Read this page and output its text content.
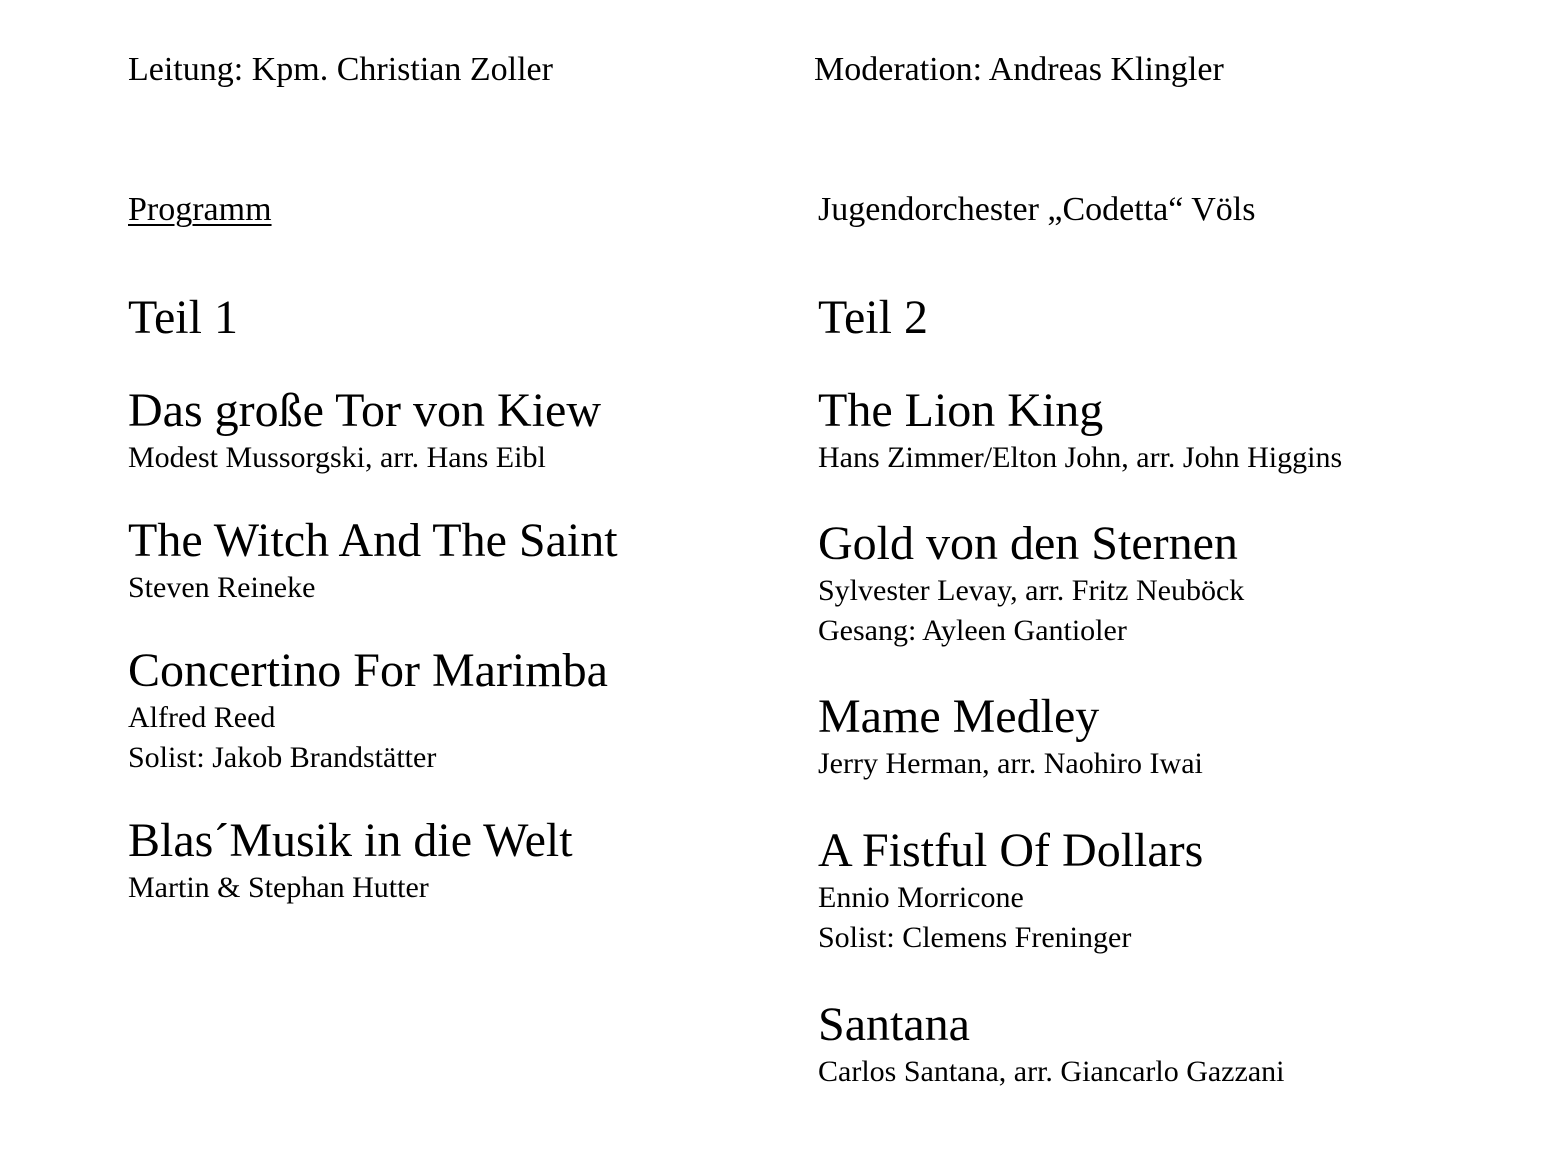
Leitung: Kpm. Christian Zoller	Moderation: Andreas Klingler
Programm	Jugendorchester „Codetta“ Völs
Teil 1	Teil 2
Das große Tor von Kiew
Modest Mussorgski, arr. Hans Eibl
The Witch And The Saint
Steven Reineke
Concertino For Marimba
Alfred Reed
Solist: Jakob Brandstätter
Blas´Musik in die Welt
Martin & Stephan Hutter
The Lion King
Hans Zimmer/Elton John, arr. John Higgins
Gold von den Sternen
Sylvester Levay, arr. Fritz Neuböck
Gesang: Ayleen Gantioler
Mame Medley
Jerry Herman, arr. Naohiro Iwai
A Fistful Of Dollars
Ennio Morricone
Solist: Clemens Freninger
Santana
Carlos Santana, arr. Giancarlo Gazzani
